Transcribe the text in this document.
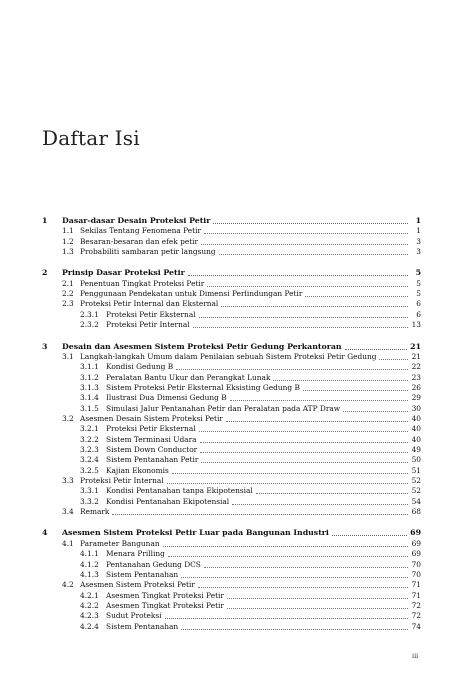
Daftar Isi
1	Dasar-dasar Desain Proteksi Petir	1
1.1 Sekilas Tentang Fenomena Petir	1
1.2 Besaran-besaran dan efek petir	3
1.3 Probabiliti sambaran petir langsung	3
2	Prinsip Dasar Proteksi Petir	5
2.1 Penentuan Tingkat Proteksi Petir	5
2.2 Penggunaan Pendekatan untuk Dimensi Perlindungan Petir	5
2.3 Proteksi Petir Internal dan Eksternal	6
2.3.1 Proteksi Petir Eksternal	6
2.3.2 Proteksi Petir Internal	13
3	Desain dan Asesmen Sistem Proteksi Petir Gedung Perkantoran	21
3.1 Langkah-langkah Umum dalam Penilaian sebuah Sistem Proteksi Petir Gedung	21
3.1.1 Kondisi Gedung B	22
3.1.2 Peralatan Bantu Ukur dan Perangkat Lunak	23
3.1.3 Sistem Proteksi Petir Eksternal Eksisting Gedung B	26
3.1.4 Ilustrasi Dua Dimensi Gedung B	29
3.1.5 Simulasi Jalur Pentanahan Petir dan Peralatan pada ATP Draw	30
3.2 Asesmen Desain Sistem Proteksi Petir	40
3.2.1 Proteksi Petir Eksternal	40
3.2.2 Sistem Terminasi Udara	40
3.2.3 Sistem Down Conductor	49
3.2.4 Sistem Pentanahan Petir	50
3.2.5 Kajian Ekonomis	51
3.3 Proteksi Petir Internal	52
3.3.1 Kondisi Pentanahan tanpa Ekipotensial	52
3.3.2 Kondisi Pentanahan Ekipotensial	54
3.4 Remark	68
4	Asesmen Sistem Proteksi Petir Luar pada Bangunan Industri	69
4.1 Parameter Bangunan	69
4.1.1 Menara Prilling	69
4.1.2 Pentanahan Gedung DCS	70
4.1.3 Sistem Pentanahan	70
4.2 Asesmen Sistem Proteksi Petir	71
4.2.1 Asesmen Tingkat Proteksi Petir	71
4.2.2 Asesmen Tingkat Proteksi Petir	72
4.2.3 Sudut Proteksi	72
4.2.4 Sistem Pentanahan	74
iii
